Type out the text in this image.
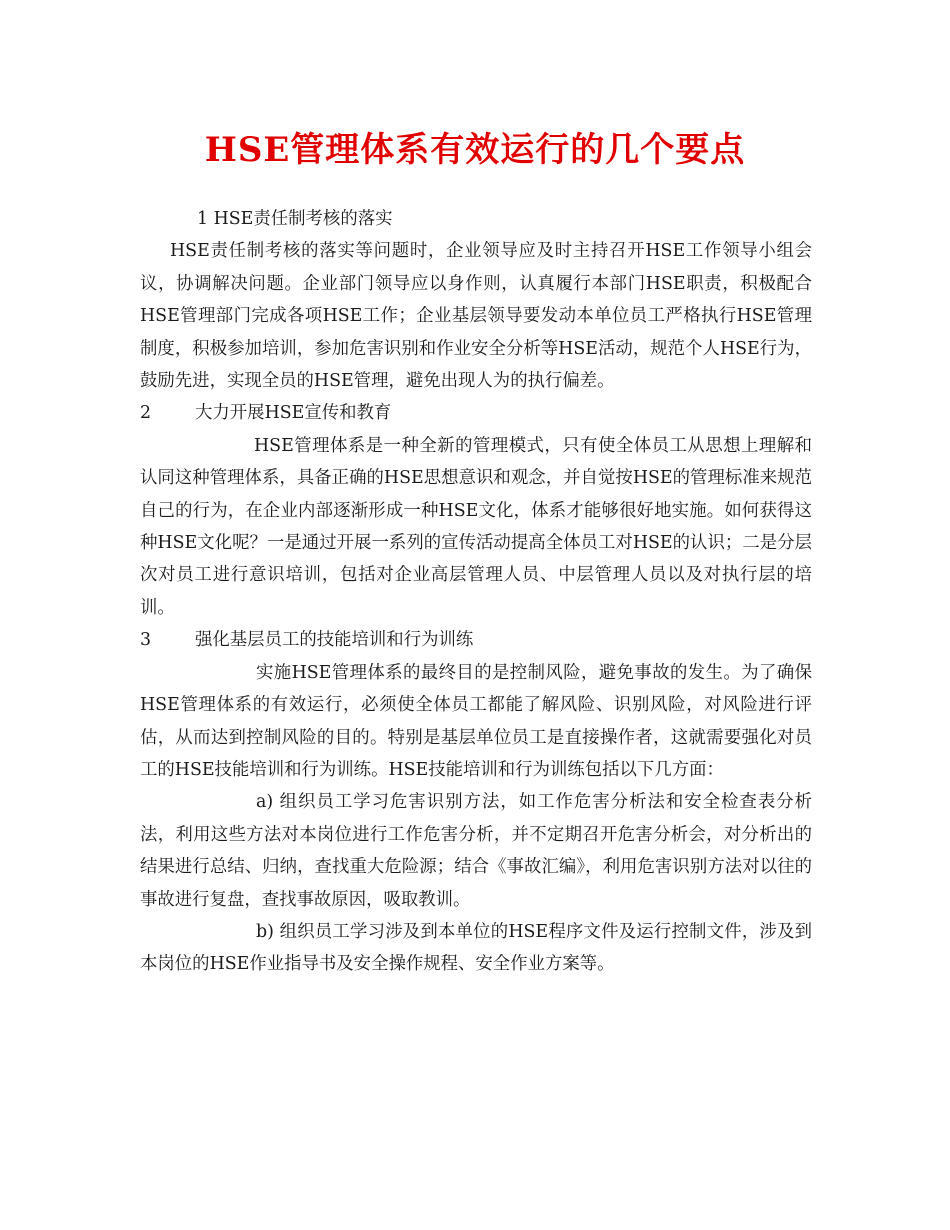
HSE管理体系有效运行的几个要点

1 HSE责任制考核的落实

HSE责任制考核的落实等问题时，企业领导应及时主持召开HSE工作领导小组会议，协调解决问题。企业部门领导应以身作则，认真履行本部门HSE职责，积极配合HSE管理部门完成各项HSE工作；企业基层领导要发动本单位员工严格执行HSE管理制度，积极参加培训，参加危害识别和作业安全分析等HSE活动，规范个人HSE行为，鼓励先进，实现全员的HSE管理，避免出现人为的执行偏差。

2	大力开展HSE宣传和教育

HSE管理体系是一种全新的管理模式，只有使全体员工从思想上理解和认同这种管理体系，具备正确的HSE思想意识和观念，并自觉按HSE的管理标准来规范自己的行为，在企业内部逐渐形成一种HSE文化，体系才能够很好地实施。如何获得这种HSE文化呢？一是通过开展一系列的宣传活动提高全体员工对HSE的认识；二是分层次对员工进行意识培训，包括对企业高层管理人员、中层管理人员以及对执行层的培训。

3	强化基层员工的技能培训和行为训练

实施HSE管理体系的最终目的是控制风险，避免事故的发生。为了确保HSE管理体系的有效运行，必须使全体员工都能了解风险、识别风险，对风险进行评估，从而达到控制风险的目的。特别是基层单位员工是直接操作者，这就需要强化对员工的HSE技能培训和行为训练。HSE技能培训和行为训练包括以下几方面：

a) 组织员工学习危害识别方法，如工作危害分析法和安全检查表分析法，利用这些方法对本岗位进行工作危害分析，并不定期召开危害分析会，对分析出的结果进行总结、归纳，查找重大危险源；结合《事故汇编》，利用危害识别方法对以往的事故进行复盘，查找事故原因，吸取教训。

b) 组织员工学习涉及到本单位的HSE程序文件及运行控制文件，涉及到本岗位的HSE作业指导书及安全操作规程、安全作业方案等。
